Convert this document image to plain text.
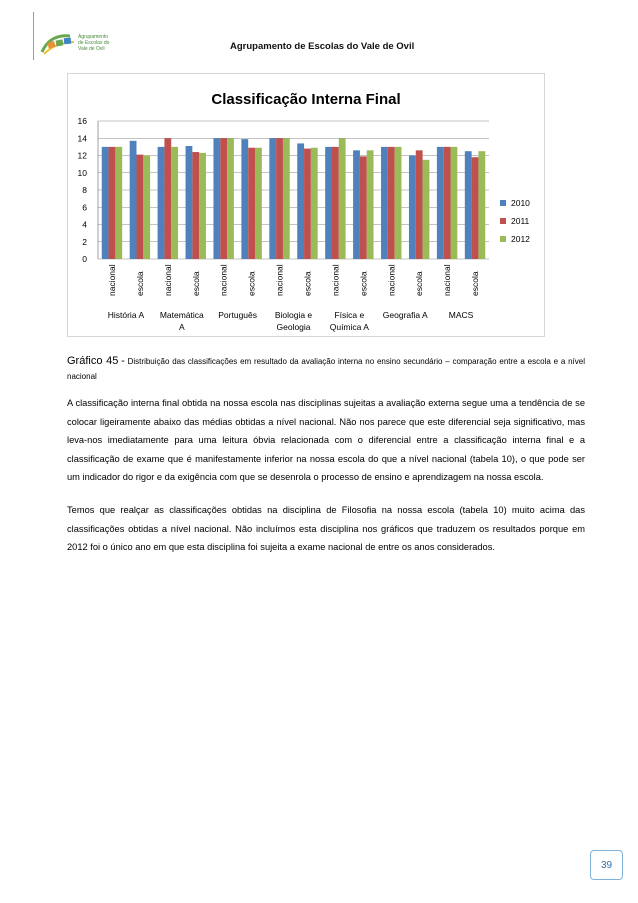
Agrupamento
de Escolas do
Vale de Ovil	Agrupamento de Escolas do Vale de Ovil
Classificação Interna Final
0
2
4
6
8
10
12
14
16
nacional escola nacional escola nacional escola nacional escola nacional escola nacional escola nacional escola
História A Matemática A
Português Biologia e Geologia
Física e Química A
Geografia A MACS
2010
2011
2012
Gráfico 45 - Distribuição das classificações em resultado da avaliação interna no ensino secundário – comparação entre a escola e a nível nacional
A classificação interna final obtida na nossa escola nas disciplinas sujeitas a avaliação externa segue uma a tendência de se colocar ligeiramente abaixo das médias obtidas a nível nacional. Não nos parece que este diferencial seja significativo, mas leva-nos imediatamente para uma leitura óbvia relacionada com o diferencial entre a classificação interna final e a classificação de exame que é manifestamente inferior na nossa escola do que a nível nacional (tabela 10), o que pode ser um indicador do rigor e da exigência com que se desenrola o processo de ensino e aprendizagem na nossa escola.
Temos que realçar as classificações obtidas na disciplina de Filosofia na nossa escola (tabela 10) muito acima das classificações obtidas a nível nacional. Não incluímos esta disciplina nos gráficos que traduzem os resultados porque em 2012 foi o único ano em que esta disciplina foi sujeita a exame nacional de entre os anos considerados.
39
